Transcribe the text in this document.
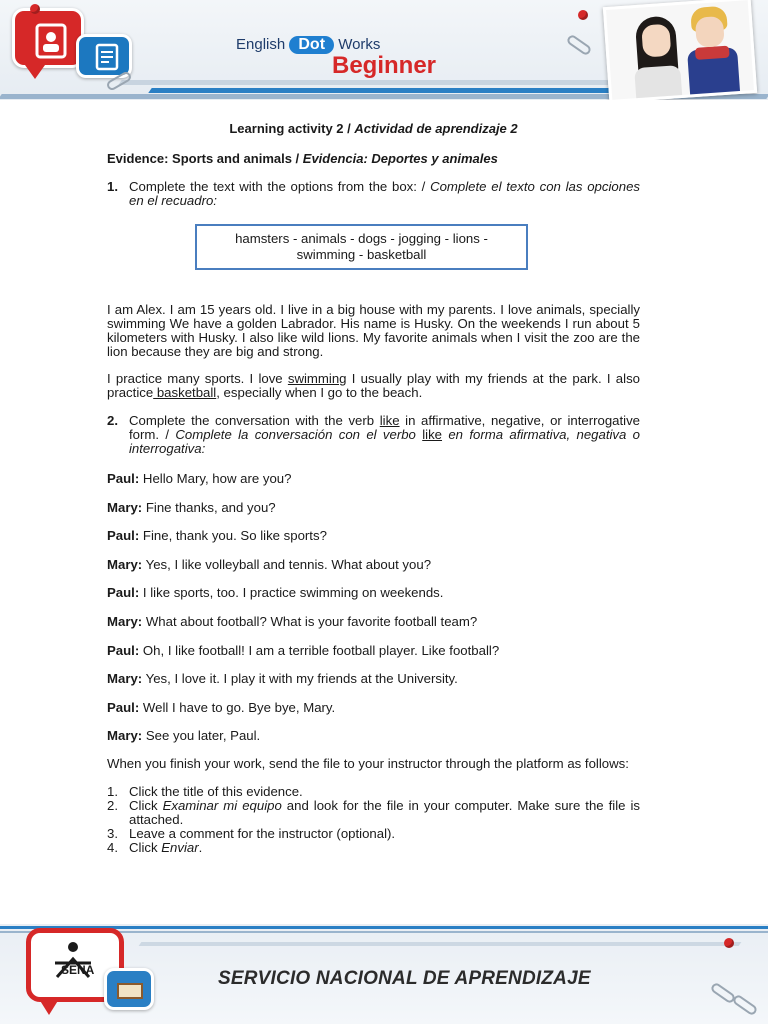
English Dot Works
Beginner
Learning activity 2 / Actividad de aprendizaje 2
Evidence: Sports and animals / Evidencia: Deportes y animales
1. Complete the text with the options from the box: / Complete el texto con las opciones en el recuadro:
hamsters - animals - dogs - jogging - lions -
swimming - basketball

I am Alex. I am 15 years old. I live in a big house with my parents. I love animals, specially swimming We have a golden Labrador. His name is Husky. On the weekends I run about 5 kilometers with Husky. I also like wild lions. My favorite animals when I visit the zoo are the lion because they are big and strong.

I practice many sports. I love swimming I usually play with my friends at the park. I also practice basketball, especially when I go to the beach.

2. Complete the conversation with the verb like in affirmative, negative, or interrogative form. / Complete la conversación con el verbo like en forma afirmativa, negativa o interrogativa:

Paul: Hello Mary, how are you?

Mary: Fine thanks, and you?

Paul: Fine, thank you. So like sports?

Mary: Yes, I like volleyball and tennis. What about you?

Paul: I like sports, too. I practice swimming on weekends.

Mary: What about football? What is your favorite football team?

Paul: Oh, I like football! I am a terrible football player. Like football?

Mary: Yes, I love it. I play it with my friends at the University.

Paul: Well I have to go. Bye bye, Mary.

Mary: See you later, Paul.

When you finish your work, send the file to your instructor through the platform as follows:

1. Click the title of this evidence.
2. Click Examinar mi equipo and look for the file in your computer. Make sure the file is attached.
3. Leave a comment for the instructor (optional).
4. Click Enviar.
SENA	SERVICIO NACIONAL DE APRENDIZAJE
